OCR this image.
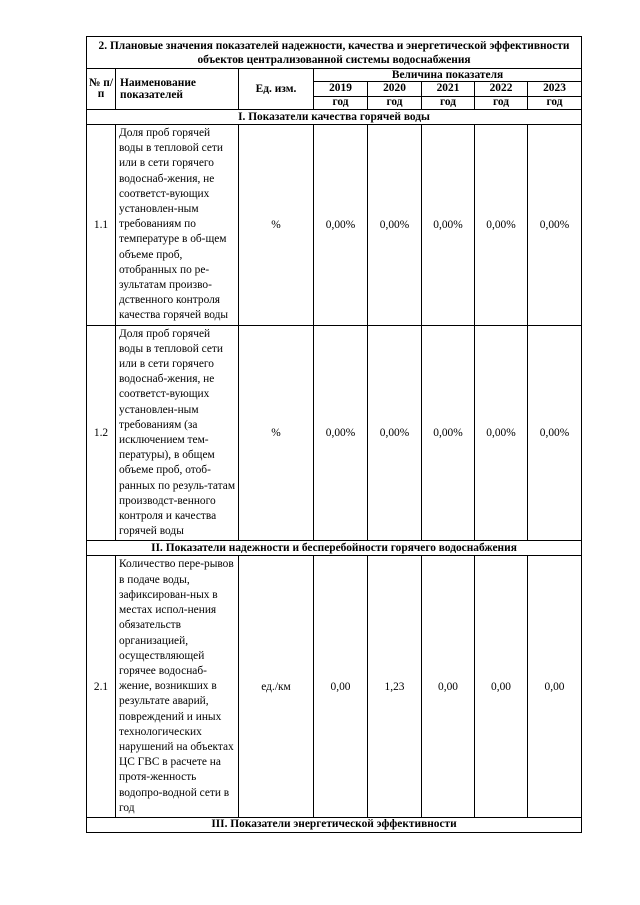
2. Плановые значения показателей надежности, качества и энергетической эффективности объектов централизованной системы водоснабжения							
№ п/п	Наименование показателей	Ед. изм.	Величина показателя				
			2019	2020	2021	2022	2023
			год	год	год	год	год
I. Показатели качества горячей воды							
1.1	Доля проб горячей воды в тепловой сети или в сети горячего водоснаб-жения, не соответст-вующих установлен-ным требованиям по температуре в об-щем объеме проб, отобранных по ре-зультатам произво-дственного контроля качества горячей воды	%	0,00%	0,00%	0,00%	0,00%	0,00%
1.2	Доля проб горячей воды в тепловой сети или в сети горячего водоснаб-жения, не соответст-вующих установлен-ным требованиям (за исключением тем-пературы), в общем объеме проб, отоб-ранных по резуль-татам производст-венного контроля и качества горячей воды	%	0,00%	0,00%	0,00%	0,00%	0,00%
II. Показатели надежности и бесперебойности горячего водоснабжения							
2.1	Количество пере-рывов в подаче воды, зафиксирован-ных в местах испол-нения обязательств организацией, осуществляющей горячее водоснаб-жение, возникших в результате аварий, повреждений и иных технологических нарушений на объектах ЦС ГВС в расчете на протя-женность водопро-водной сети в год	ед./км	0,00	1,23	0,00	0,00	0,00
III. Показатели энергетической эффективности							
